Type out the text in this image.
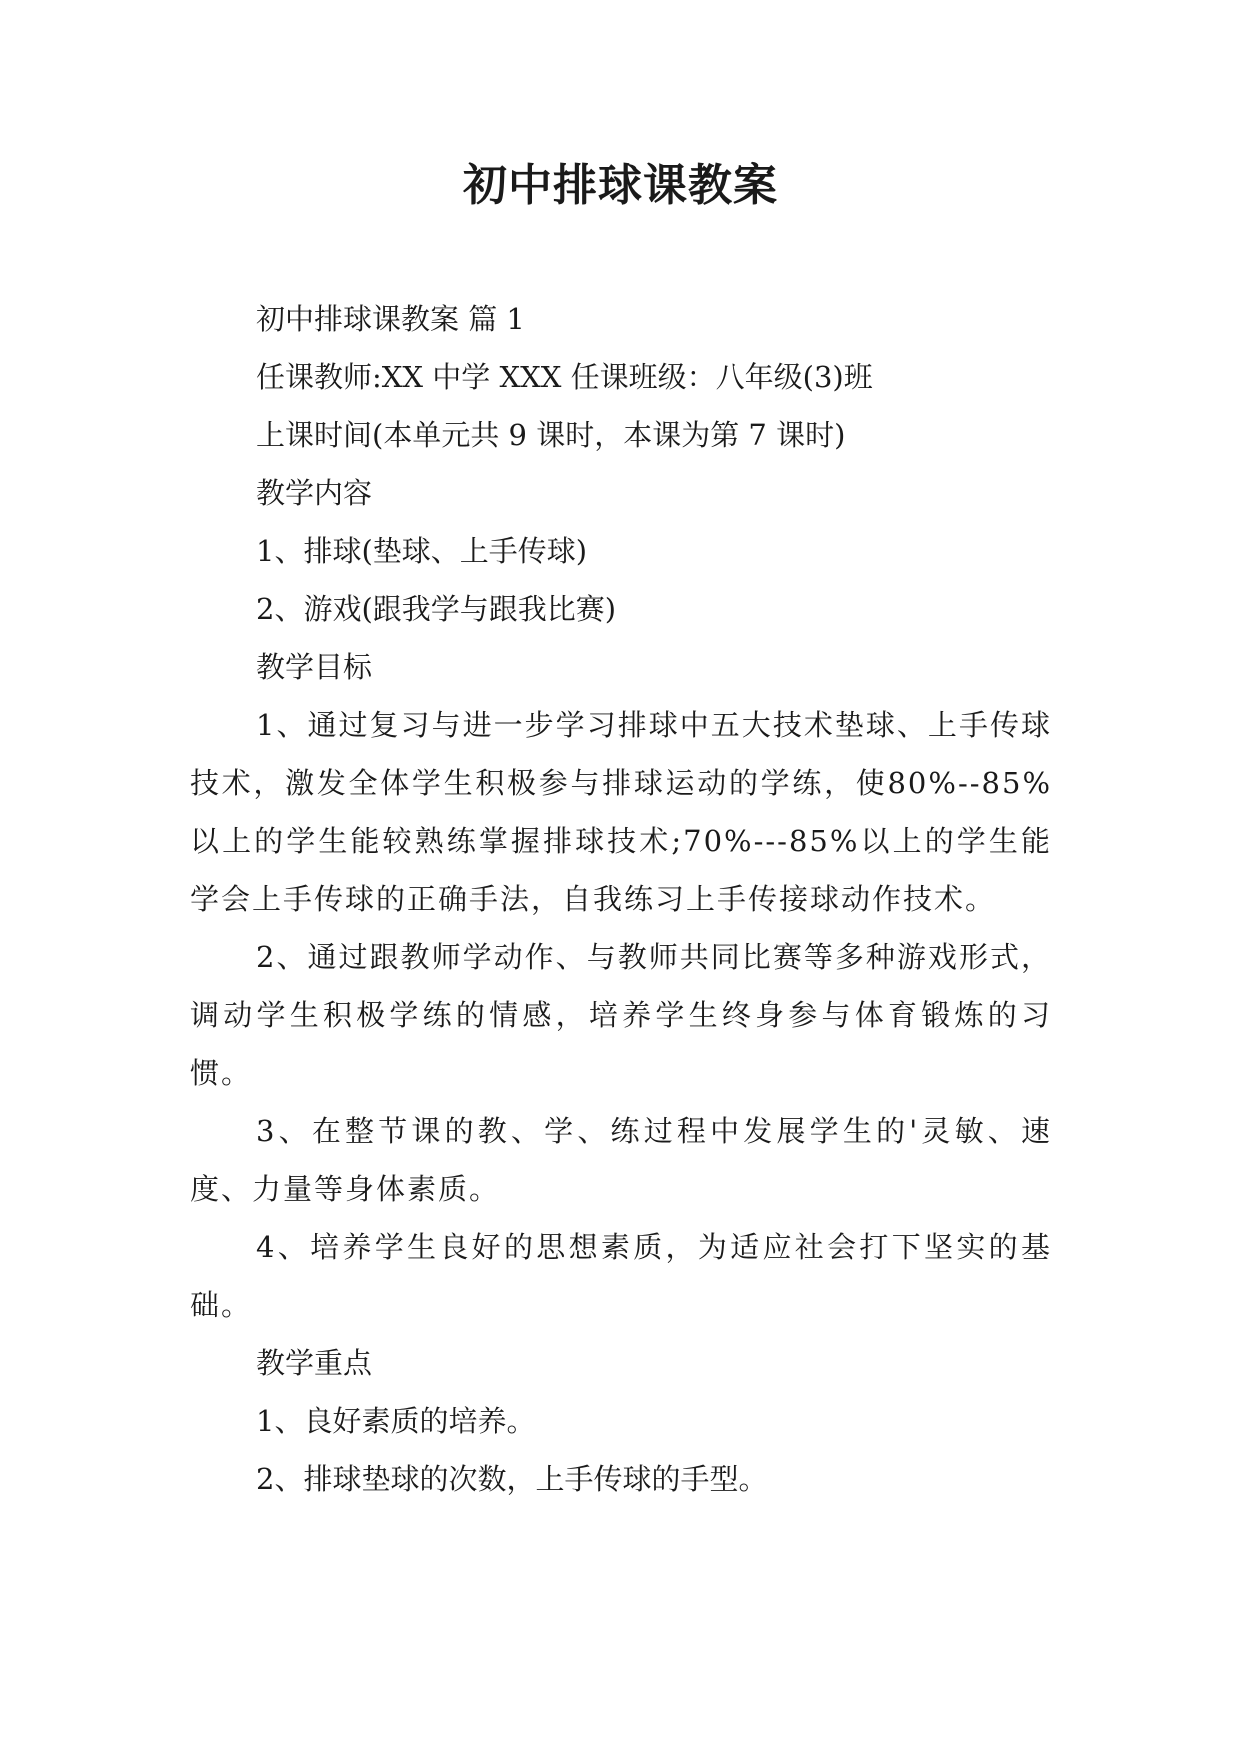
初中排球课教案

初中排球课教案 篇 1

任课教师:XX 中学 XXX 任课班级：八年级(3)班

上课时间(本单元共 9 课时，本课为第 7 课时)

教学内容

1、排球(垫球、上手传球)

2、游戏(跟我学与跟我比赛)

教学目标

1、通过复习与进一步学习排球中五大技术垫球、上手传球技术，激发全体学生积极参与排球运动的学练，使80%--85%以上的学生能较熟练掌握排球技术;70%---85%以上的学生能学会上手传球的正确手法，自我练习上手传接球动作技术。

2、通过跟教师学动作、与教师共同比赛等多种游戏形式，调动学生积极学练的情感，培养学生终身参与体育锻炼的习惯。

3、在整节课的教、学、练过程中发展学生的'灵敏、速度、力量等身体素质。

4、培养学生良好的思想素质，为适应社会打下坚实的基础。

教学重点

1、良好素质的培养。

2、排球垫球的次数，上手传球的手型。
